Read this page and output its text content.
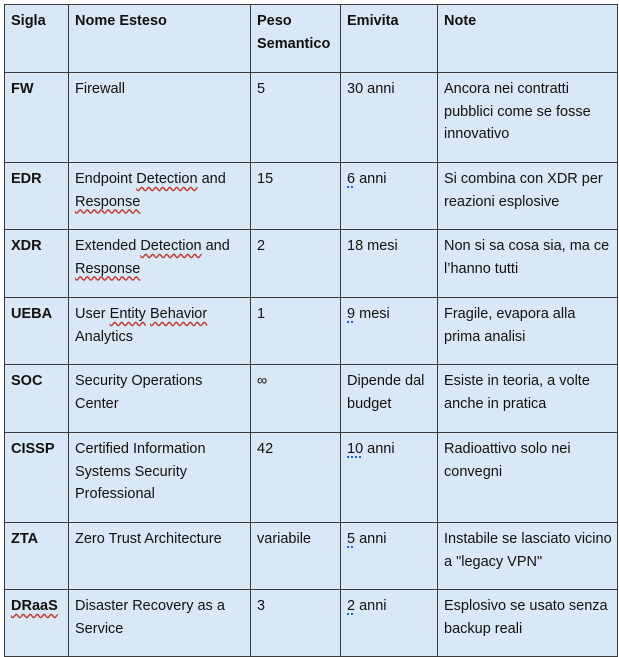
Sigla	Nome Esteso	Peso Semantico	Emivita	Note
FW	Firewall	5	30 anni	Ancora nei contratti pubblici come se fosse innovativo
EDR	Endpoint Detection and Response	15	6 anni	Si combina con XDR per reazioni esplosive
XDR	Extended Detection and Response	2	18 mesi	Non si sa cosa sia, ma ce l’hanno tutti
UEBA	User Entity Behavior Analytics	1	9 mesi	Fragile, evapora alla prima analisi
SOC	Security Operations Center	∞	Dipende dal budget	Esiste in teoria, a volte anche in pratica
CISSP	Certified Information Systems Security Professional	42	10 anni	Radioattivo solo nei convegni
ZTA	Zero Trust Architecture	variabile	5 anni	Instabile se lasciato vicino a "legacy VPN"
DRaaS	Disaster Recovery as a Service	3	2 anni	Esplosivo se usato senza backup reali
